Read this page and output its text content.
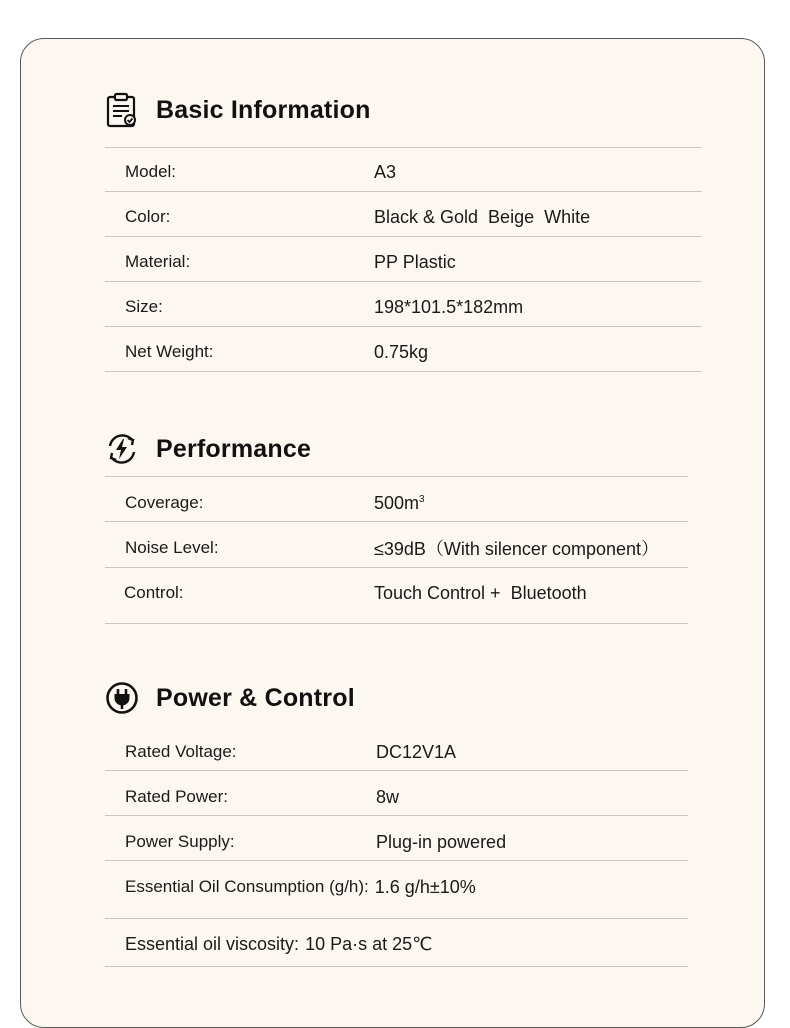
Basic Information
Model:	A3
Color:	Black & Gold  Beige  White
Material:	PP Plastic
Size:	198*101.5*182mm
Net Weight:	0.75kg
Performance
Coverage:	$500m^3$
Noise Level:	≤39dB（With silencer component）
Control:	Touch Control +  Bluetooth
Power & Control
Rated Voltage:	DC12V1A
Rated Power:	8w
Power Supply:	Plug-in powered
Essential Oil Consumption (g/h): 1.6 g/h±10%
Essential oil viscosity: 10 Pa·s at 25℃
